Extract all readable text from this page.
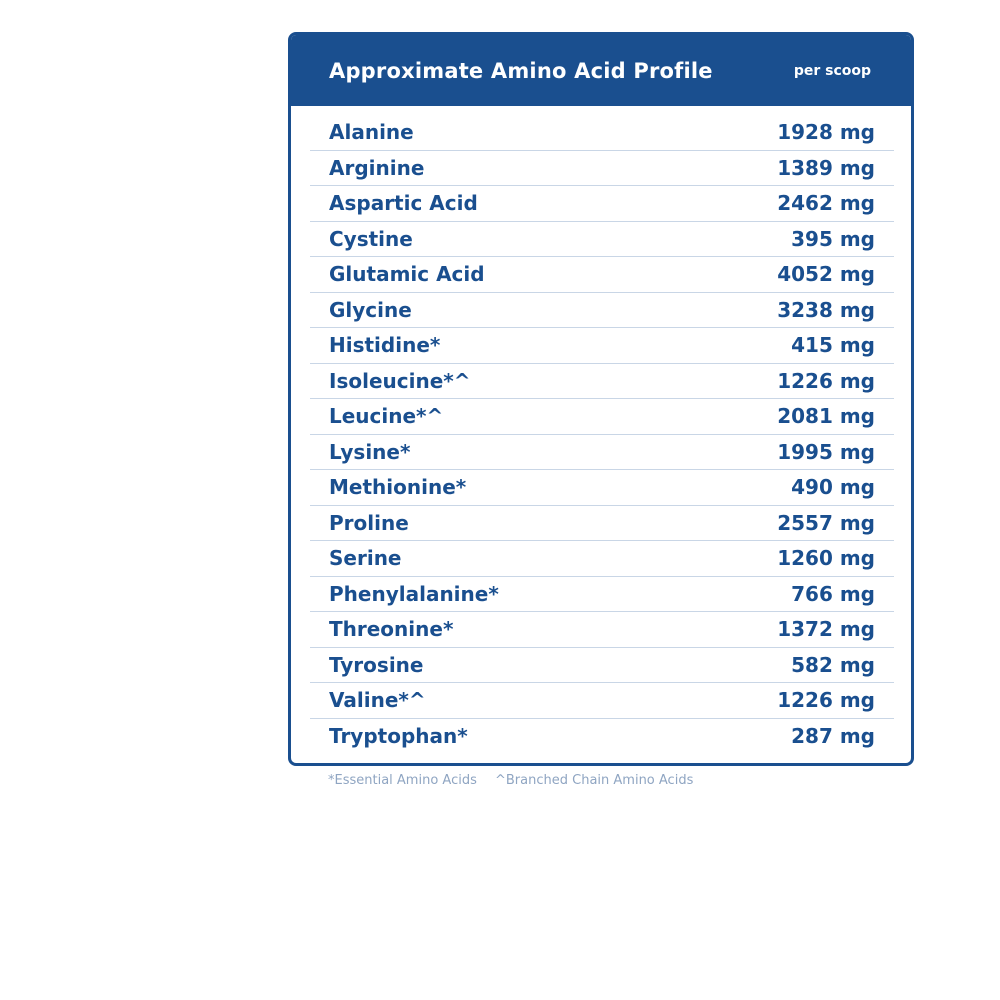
Approximate Amino Acid Profile	per scoop
Alanine	1928 mg
Arginine	1389 mg
Aspartic Acid	2462 mg
Cystine	395 mg
Glutamic Acid	4052 mg
Glycine	3238 mg
Histidine*	415 mg
Isoleucine*^	1226 mg
Leucine*^	2081 mg
Lysine*	1995 mg
Methionine*	490 mg
Proline	2557 mg
Serine	1260 mg
Phenylalanine*	766 mg
Threonine*	1372 mg
Tyrosine	582 mg
Valine*^	1226 mg
Tryptophan*	287 mg
*Essential Amino Acids ^Branched Chain Amino Acids
